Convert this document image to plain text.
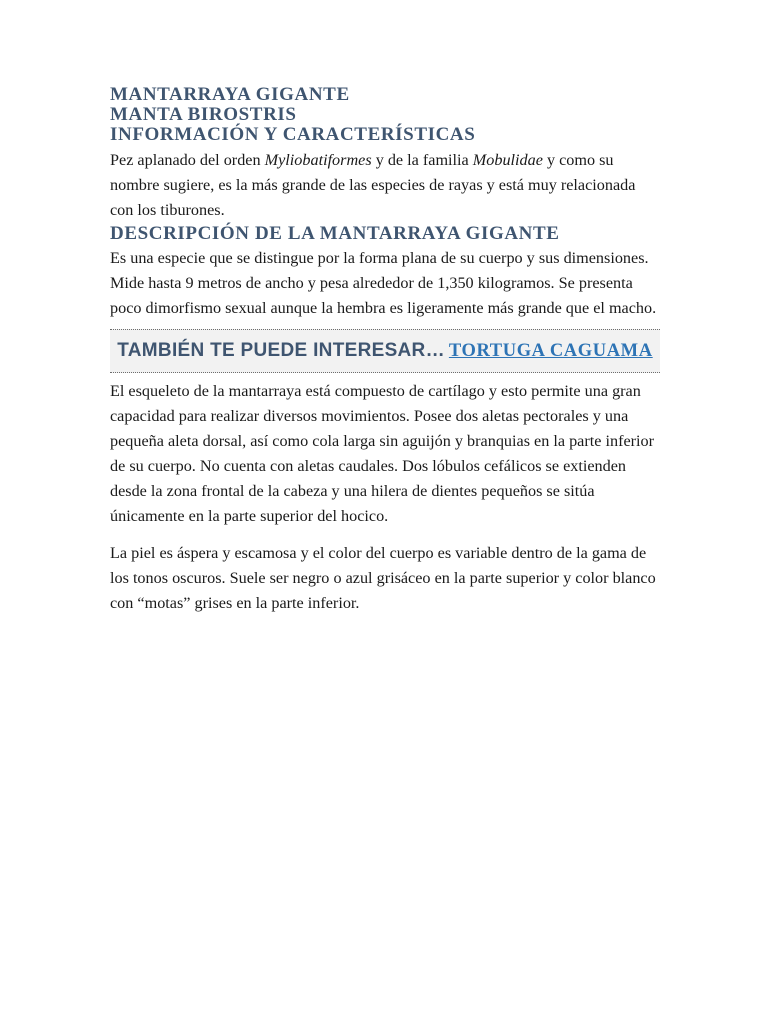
MANTARRAYA GIGANTE
MANTA BIROSTRIS
INFORMACIÓN Y CARACTERÍSTICAS

Pez aplanado del orden Myliobatiformes y de la familia Mobulidae y como su nombre sugiere, es la más grande de las especies de rayas y está muy relacionada con los tiburones.

DESCRIPCIÓN DE LA MANTARRAYA GIGANTE

Es una especie que se distingue por la forma plana de su cuerpo y sus dimensiones. Mide hasta 9 metros de ancho y pesa alrededor de 1,350 kilogramos. Se presenta poco dimorfismo sexual aunque la hembra es ligeramente más grande que el macho.

TAMBIÉN TE PUEDE INTERESAR… TORTUGA CAGUAMA

El esqueleto de la mantarraya está compuesto de cartílago y esto permite una gran capacidad para realizar diversos movimientos. Posee dos aletas pectorales y una pequeña aleta dorsal, así como cola larga sin aguijón y branquias en la parte inferior de su cuerpo. No cuenta con aletas caudales. Dos lóbulos cefálicos se extienden desde la zona frontal de la cabeza y una hilera de dientes pequeños se sitúa únicamente en la parte superior del hocico.

La piel es áspera y escamosa y el color del cuerpo es variable dentro de la gama de los tonos oscuros. Suele ser negro o azul grisáceo en la parte superior y color blanco con “motas” grises en la parte inferior.
